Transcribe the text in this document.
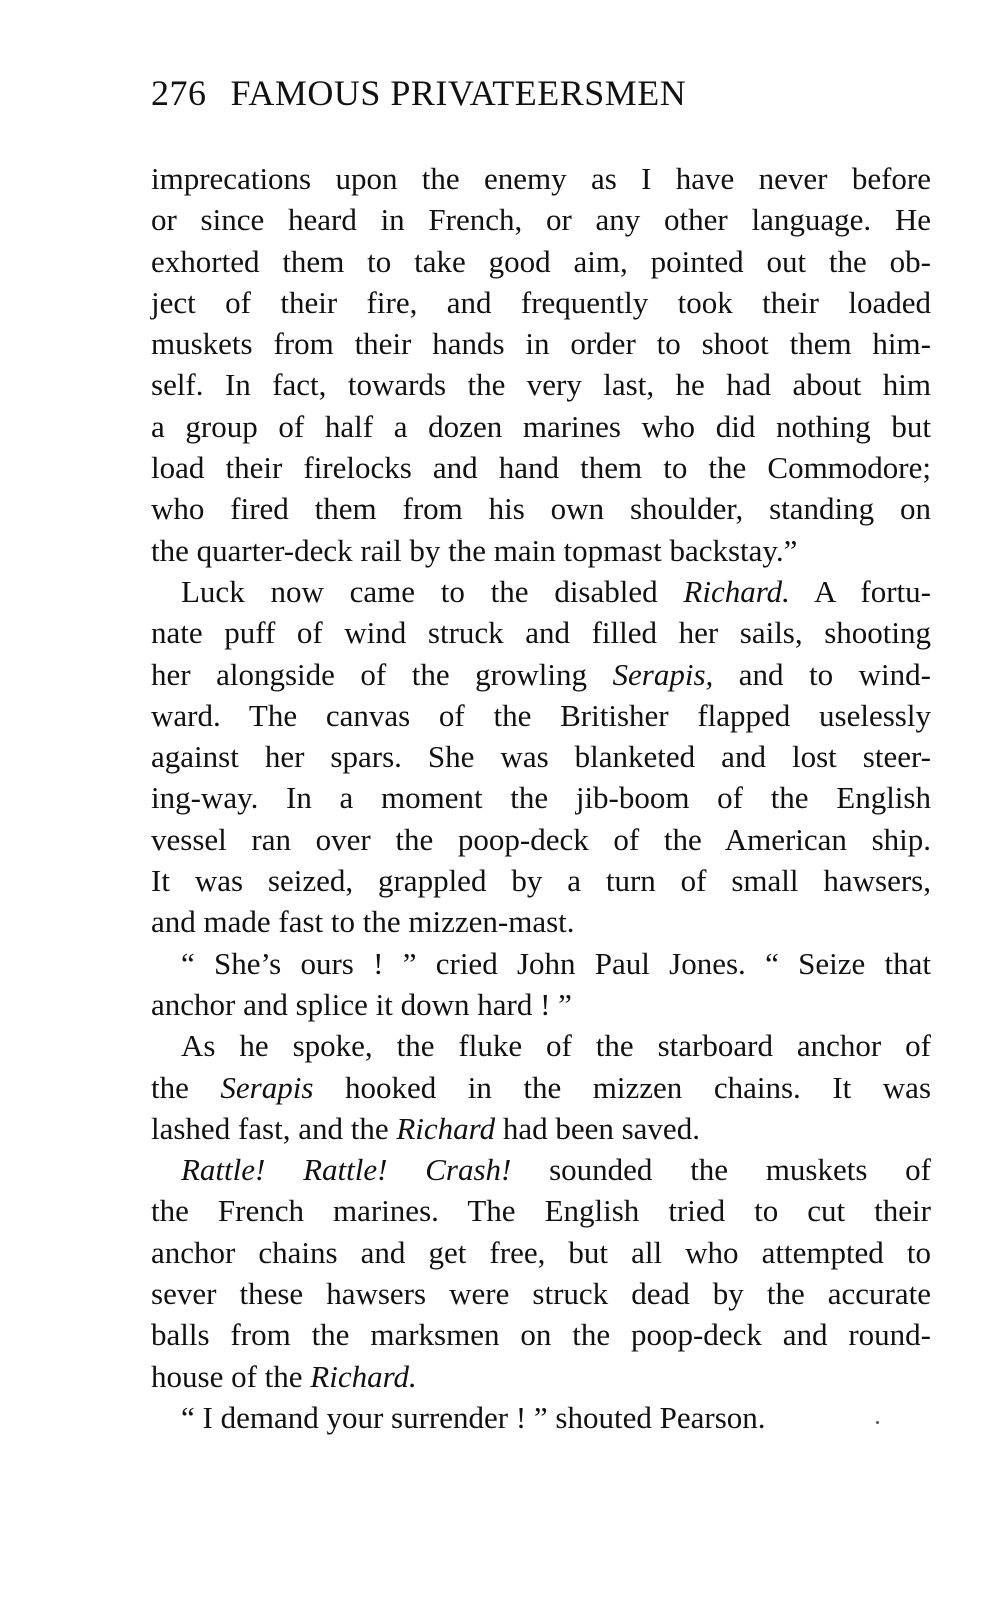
276 FAMOUS PRIVATEERSMEN
imprecations upon the enemy as I have never before
or since heard in French, or any other language. He
exhorted them to take good aim, pointed out the ob-
ject of their fire, and frequently took their loaded
muskets from their hands in order to shoot them him-
self. In fact, towards the very last, he had about him
a group of half a dozen marines who did nothing but
load their firelocks and hand them to the Commodore;
who fired them from his own shoulder, standing on
the quarter-deck rail by the main topmast backstay.”
Luck now came to the disabled Richard. A fortu-
nate puff of wind struck and filled her sails, shooting
her alongside of the growling Serapis, and to wind-
ward. The canvas of the Britisher flapped uselessly
against her spars. She was blanketed and lost steer-
ing-way. In a moment the jib-boom of the English
vessel ran over the poop-deck of the American ship.
It was seized, grappled by a turn of small hawsers,
and made fast to the mizzen-mast.
“ She’s ours ! ” cried John Paul Jones. “ Seize that
anchor and splice it down hard ! ”
As he spoke, the fluke of the starboard anchor of
the Serapis hooked in the mizzen chains. It was
lashed fast, and the Richard had been saved.
Rattle! Rattle! Crash! sounded the muskets of
the French marines. The English tried to cut their
anchor chains and get free, but all who attempted to
sever these hawsers were struck dead by the accurate
balls from the marksmen on the poop-deck and round-
house of the Richard.
“ I demand your surrender ! ” shouted Pearson.
